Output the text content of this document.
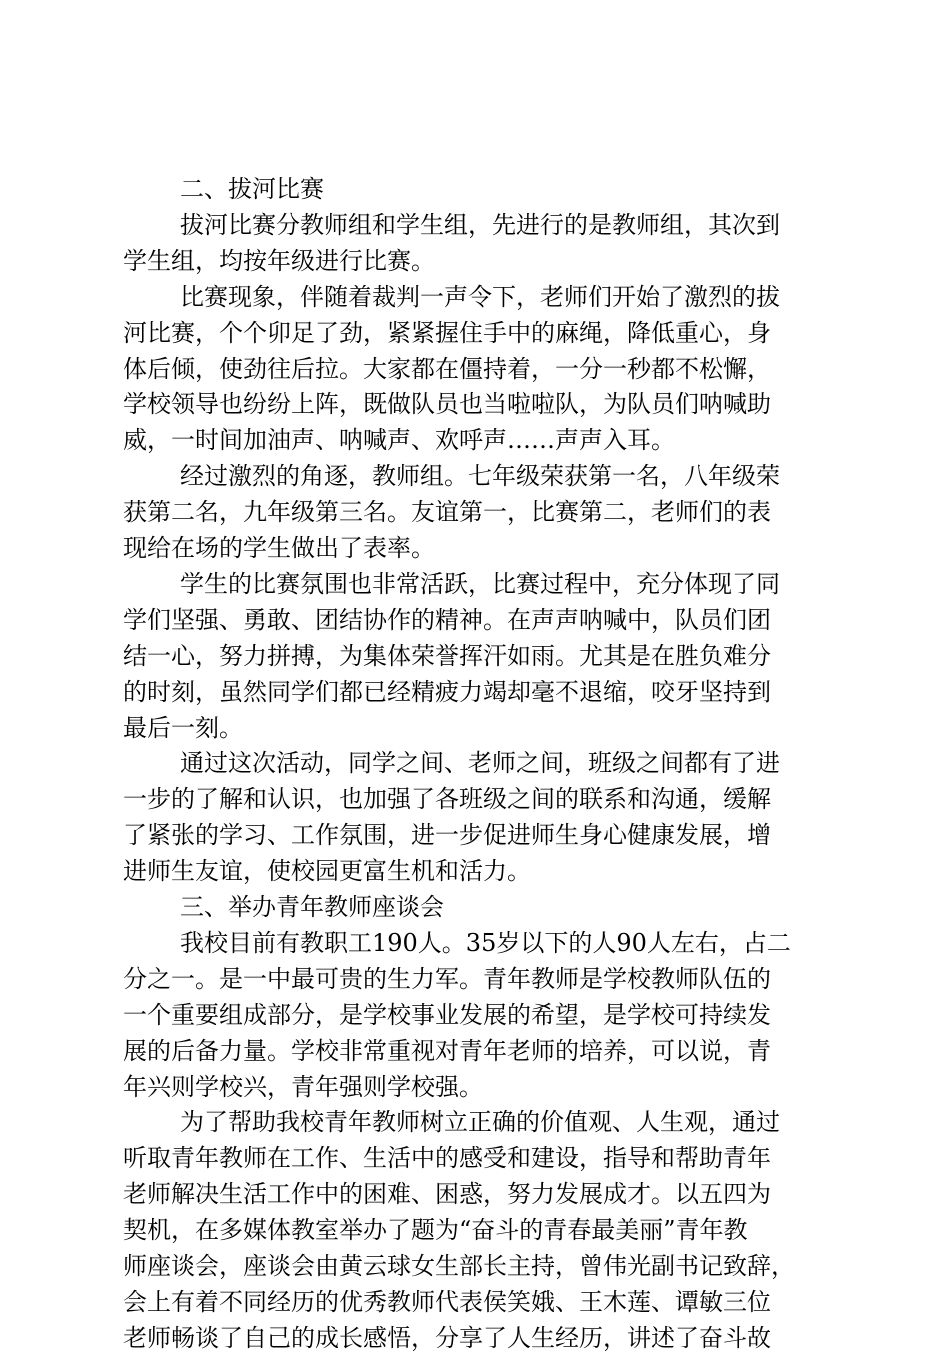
二、拔河比赛

拔河比赛分教师组和学生组，先进行的是教师组，其次到

学生组，均按年级进行比赛。

比赛现象，伴随着裁判一声令下，老师们开始了激烈的拔

河比赛，个个卯足了劲，紧紧握住手中的麻绳，降低重心，身

体后倾，使劲往后拉。大家都在僵持着，一分一秒都不松懈，

学校领导也纷纷上阵，既做队员也当啦啦队，为队员们呐喊助

威，一时间加油声、呐喊声、欢呼声……声声入耳。

经过激烈的角逐，教师组。七年级荣获第一名，八年级荣

获第二名，九年级第三名。友谊第一，比赛第二，老师们的表

现给在场的学生做出了表率。

学生的比赛氛围也非常活跃，比赛过程中，充分体现了同

学们坚强、勇敢、团结协作的精神。在声声呐喊中，队员们团

结一心，努力拼搏，为集体荣誉挥汗如雨。尤其是在胜负难分

的时刻，虽然同学们都已经精疲力竭却毫不退缩，咬牙坚持到

最后一刻。

通过这次活动，同学之间、老师之间，班级之间都有了进

一步的了解和认识，也加强了各班级之间的联系和沟通，缓解

了紧张的学习、工作氛围，进一步促进师生身心健康发展，增

进师生友谊，使校园更富生机和活力。

三、举办青年教师座谈会

我校目前有教职工190人。35岁以下的人90人左右，占二

分之一。是一中最可贵的生力军。青年教师是学校教师队伍的

一个重要组成部分，是学校事业发展的希望，是学校可持续发

展的后备力量。学校非常重视对青年老师的培养，可以说，青

年兴则学校兴，青年强则学校强。

为了帮助我校青年教师树立正确的价值观、人生观，通过

听取青年教师在工作、生活中的感受和建设，指导和帮助青年

老师解决生活工作中的困难、困惑，努力发展成才。以五四为

契机，在多媒体教室举办了题为“奋斗的青春最美丽”青年教

师座谈会，座谈会由黄云球女生部长主持，曾伟光副书记致辞，

会上有着不同经历的优秀教师代表侯笑娥、王木莲、谭敏三位

老师畅谈了自己的成长感悟，分享了人生经历，讲述了奋斗故
